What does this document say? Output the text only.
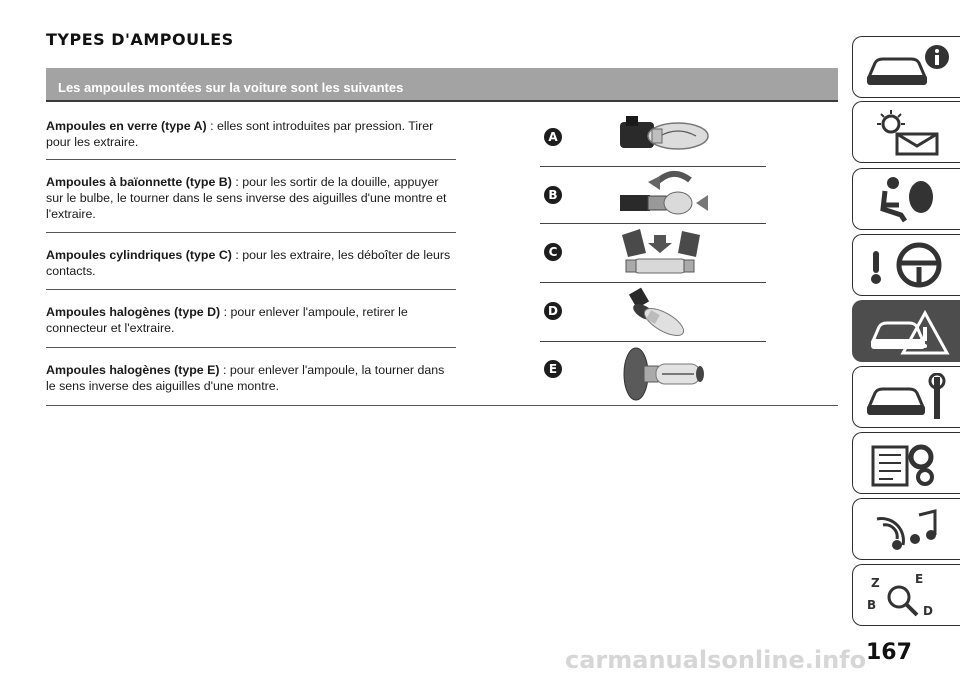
TYPES D'AMPOULES
Les ampoules montées sur la voiture sont les suivantes
Ampoules en verre (type A) : elles sont introduites par pression. Tirer pour les extraire.
Ampoules à baïonnette (type B) : pour les sortir de la douille, appuyer sur le bulbe, le tourner dans le sens inverse des aiguilles d'une montre et l'extraire.
Ampoules cylindriques (type C) : pour les extraire, les déboîter de leurs contacts.
Ampoules halogènes (type D) : pour enlever l'ampoule, retirer le connecteur et l'extraire.
Ampoules halogènes (type E) : pour enlever l'ampoule, la tourner dans le sens inverse des aiguilles d'une montre.
A
B
C
D
E
Z	E
B	D
167
carmanualsonline.info
